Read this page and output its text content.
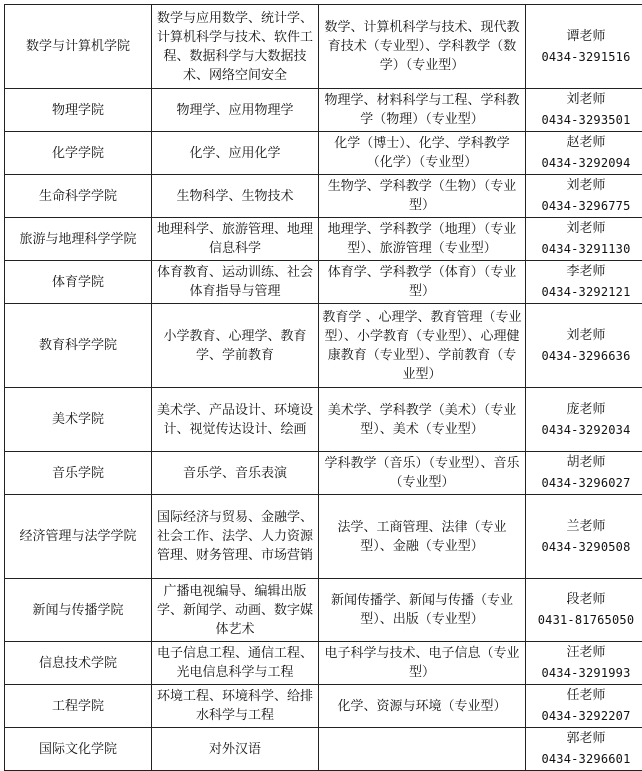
数学与计算机学院	数学与应用数学、统计学、计算机科学与技术、软件工程、数据科学与大数据技术、网络空间安全	数学、计算机科学与技术、现代教育技术（专业型）、学科教学（数学）（专业型）	谭老师
0434-3291516

物理学院	物理学、应用物理学	物理学、材料科学与工程、学科教学（物理）（专业型）	刘老师
0434-3293501

化学学院	化学、应用化学	化学（博士）、化学、学科教学（化学）（专业型）	赵老师
0434-3292094

生命科学学院	生物科学、生物技术	生物学、学科教学（生物）（专业型）	刘老师
0434-3296775

旅游与地理科学学院	地理科学、旅游管理、地理信息科学	地理学、学科教学（地理）（专业型）、旅游管理（专业型）	刘老师
0434-3291130

体育学院	体育教育、运动训练、社会体育指导与管理	体育学、学科教学（体育）（专业型）	李老师
0434-3292121

教育科学学院	小学教育、心理学、教育学、学前教育	教育学 、心理学、教育管理（专业型）、小学教育（专业型）、心理健康教育（专业型）、学前教育（专业型）	刘老师
0434-3296636

美术学院	美术学、产品设计、环境设计、视觉传达设计、绘画	美术学、学科教学（美术）（专业型）、美术（专业型）	庞老师
0434-3292034

音乐学院	音乐学、音乐表演	学科教学（音乐）（专业型）、音乐（专业型）	胡老师
0434-3296027

经济管理与法学学院	国际经济与贸易、金融学、社会工作、法学、人力资源管理、财务管理、市场营销	法学、工商管理、法律（专业型）、金融（专业型）	兰老师
0434-3290508

新闻与传播学院	广播电视编导、编辑出版学、新闻学、动画、数字媒体艺术	新闻传播学、新闻与传播（专业型）、出版（专业型）	段老师
0431-81765050

信息技术学院	电子信息工程、通信工程、光电信息科学与工程	电子科学与技术、电子信息（专业型）	汪老师
0434-3291993

工程学院	环境工程、环境科学、给排水科学与工程	化学、资源与环境（专业型）	任老师
0434-3292207

国际文化学院	对外汉语		郭老师
0434-3296601
